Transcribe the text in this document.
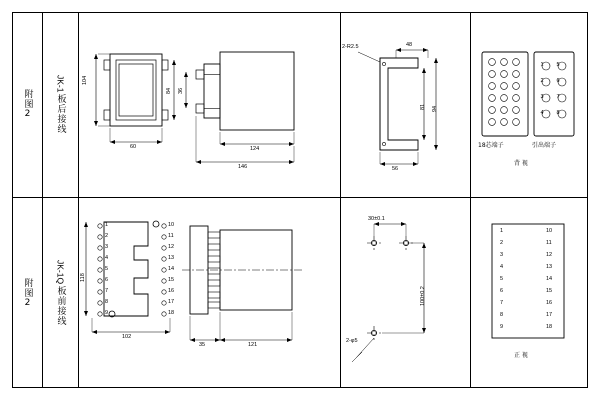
附图2
JK-1
板后接线
104
84 36
60	124
146
2-R2.5	48
81 94
56
1
2
3
4
5
6
7
8
18芯端子	引出端子
背 视
附图2
JK-1Q
板前接线
118
102
35	121
1
2
3
4
5
6
7
8
9
10
11
12
13
14
15
16
17
18
30±0.1
100±0.2
2-φ5
1
2
3
4
5
6
7
8
9
10
11
12
13
14
15
16
17
18
正 视
